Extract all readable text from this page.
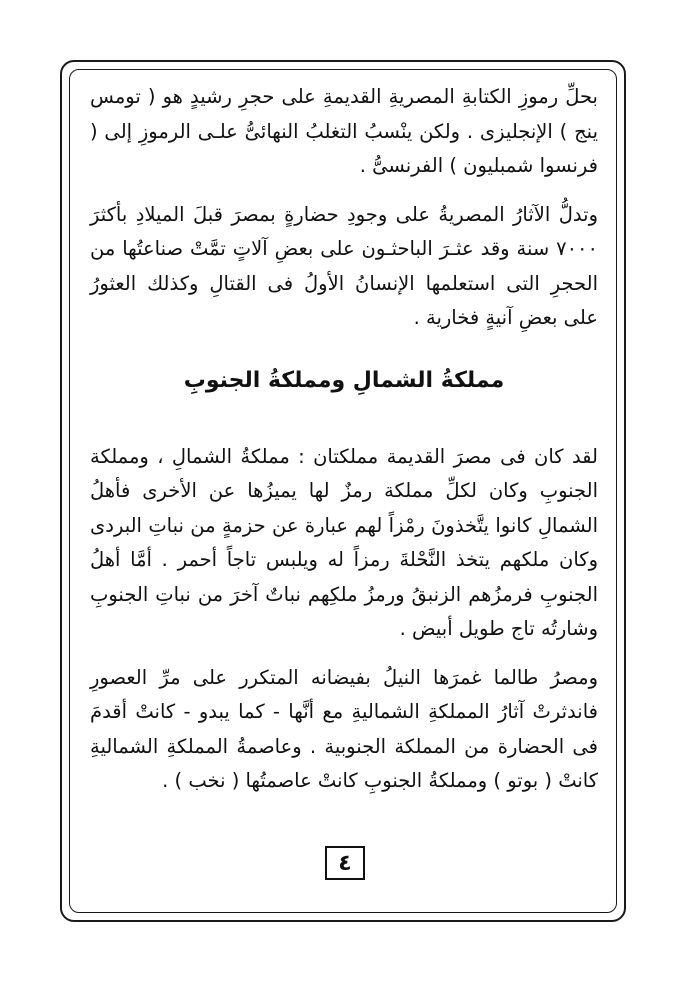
بحلِّ رموزِ الكتابةِ المصريةِ القديمةِ على حجرِ رشيدٍ هو ( تومس ينج ) الإنجليزى . ولكن ينْسبُ التغلبُ النهائىُّ علـى الرموزِ إلى ( فرنسوا شمبليون ) الفرنسىُّ .

وتدلُّ الآثارُ المصريةُ على وجودِ حضارةٍ بمصرَ قبلَ الميلادِ بأكثرَ ٧٠٠٠ سنة وقد عثـرَ الباحثـون على بعضِ آلاتٍ تمَّتْ صناعتُها من الحجرِ التى استعلمها الإنسانُ الأولُ فى القتالِ وكذلك العثورُ على بعضِ آنيةٍ فخارية .

مملكةُ الشمالِ ومملكةُ الجنوبِ

لقد كان فى مصرَ القديمة مملكتان : مملكةُ الشمالِ ، ومملكة الجنوبِ وكان لكلِّ مملكة رمزٌ لها يميزُها عن الأخرى فأهلُ الشمالِ كانوا يتَّخذونَ رمْزاً لهم عبارة عن حزمةٍ من نباتِ البردى وكان ملكهم يتخذ النَّحْلةَ رمزاً له ويلبس تاجاً أحمر . أمَّا أهلُ الجنوبِ فرمزُهم الزنبقُ ورمزُ ملكِهم نباتٌ آخرَ من نباتِ الجنوبِ وشارتُه تاج طويل أبيض .

ومصرُ طالما غمرَها النيلُ بفيضانه المتكرر على مرِّ العصورِ فاندثرتْ آثارُ المملكةِ الشماليةِ مع أنَّها - كما يبدو - كانتْ أقدمَ فى الحضارة من المملكة الجنوبية . وعاصمةُ المملكةِ الشماليةِ كانتْ ( بوتو ) ومملكةُ الجنوبِ كانتْ عاصمتُها ( نخب ) .

٤
